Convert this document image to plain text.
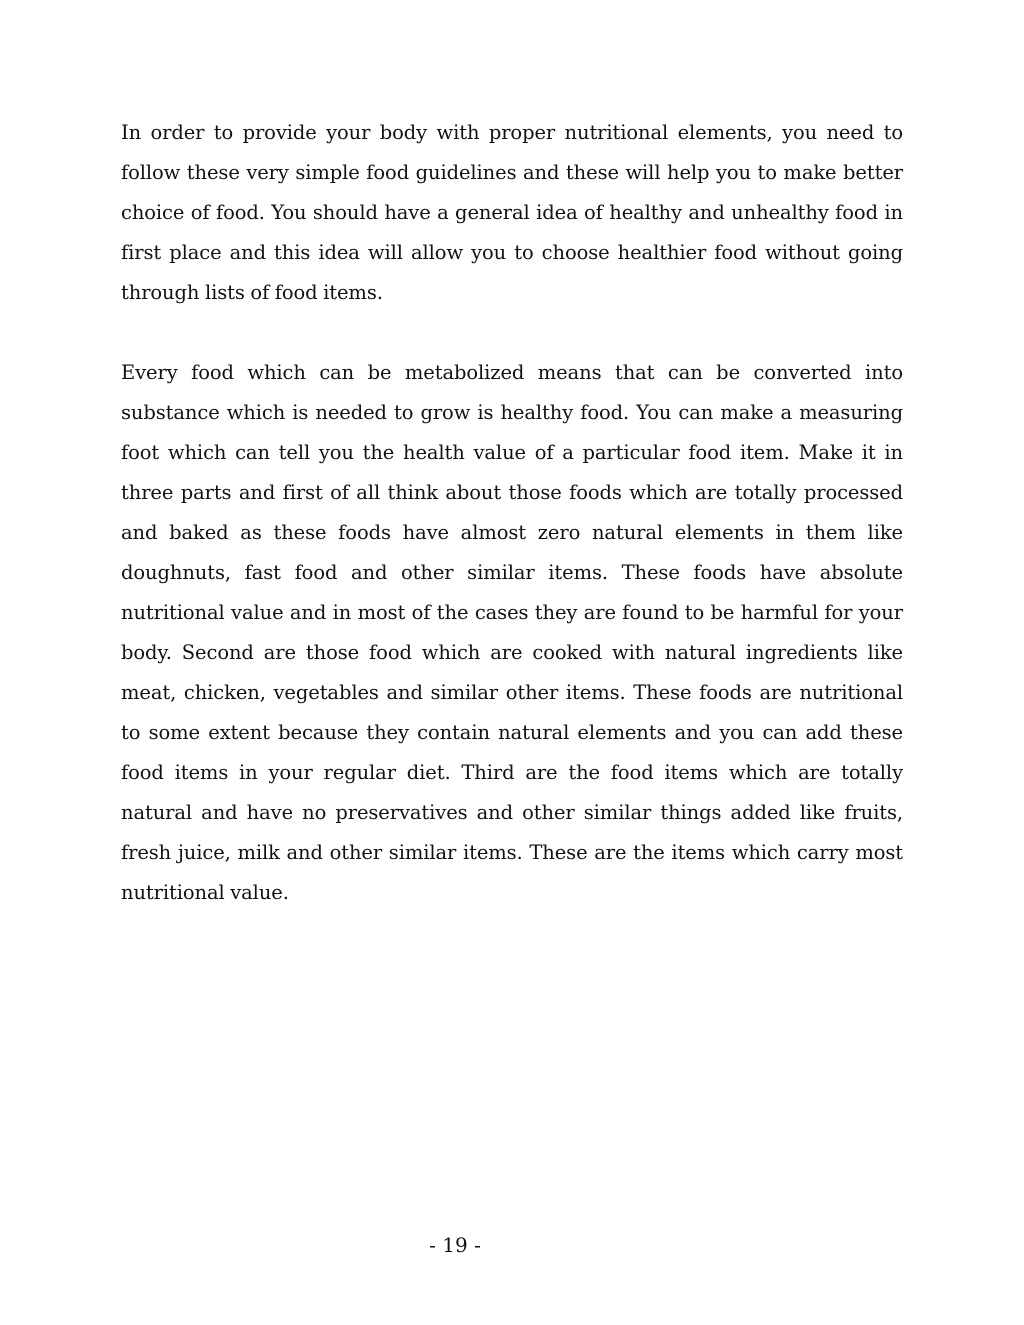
In order to provide your body with proper nutritional elements, you need to follow these very simple food guidelines and these will help you to make better choice of food. You should have a general idea of healthy and unhealthy food in first place and this idea will allow you to choose healthier food without going through lists of food items.

Every food which can be metabolized means that can be converted into substance which is needed to grow is healthy food. You can make a measuring foot which can tell you the health value of a particular food item. Make it in three parts and first of all think about those foods which are totally processed and baked as these foods have almost zero natural elements in them like doughnuts, fast food and other similar items. These foods have absolute nutritional value and in most of the cases they are found to be harmful for your body. Second are those food which are cooked with natural ingredients like meat, chicken, vegetables and similar other items. These foods are nutritional to some extent because they contain natural elements and you can add these food items in your regular diet. Third are the food items which are totally natural and have no preservatives and other similar things added like fruits, fresh juice, milk and other similar items. These are the items which carry most nutritional value.

- 19 -
